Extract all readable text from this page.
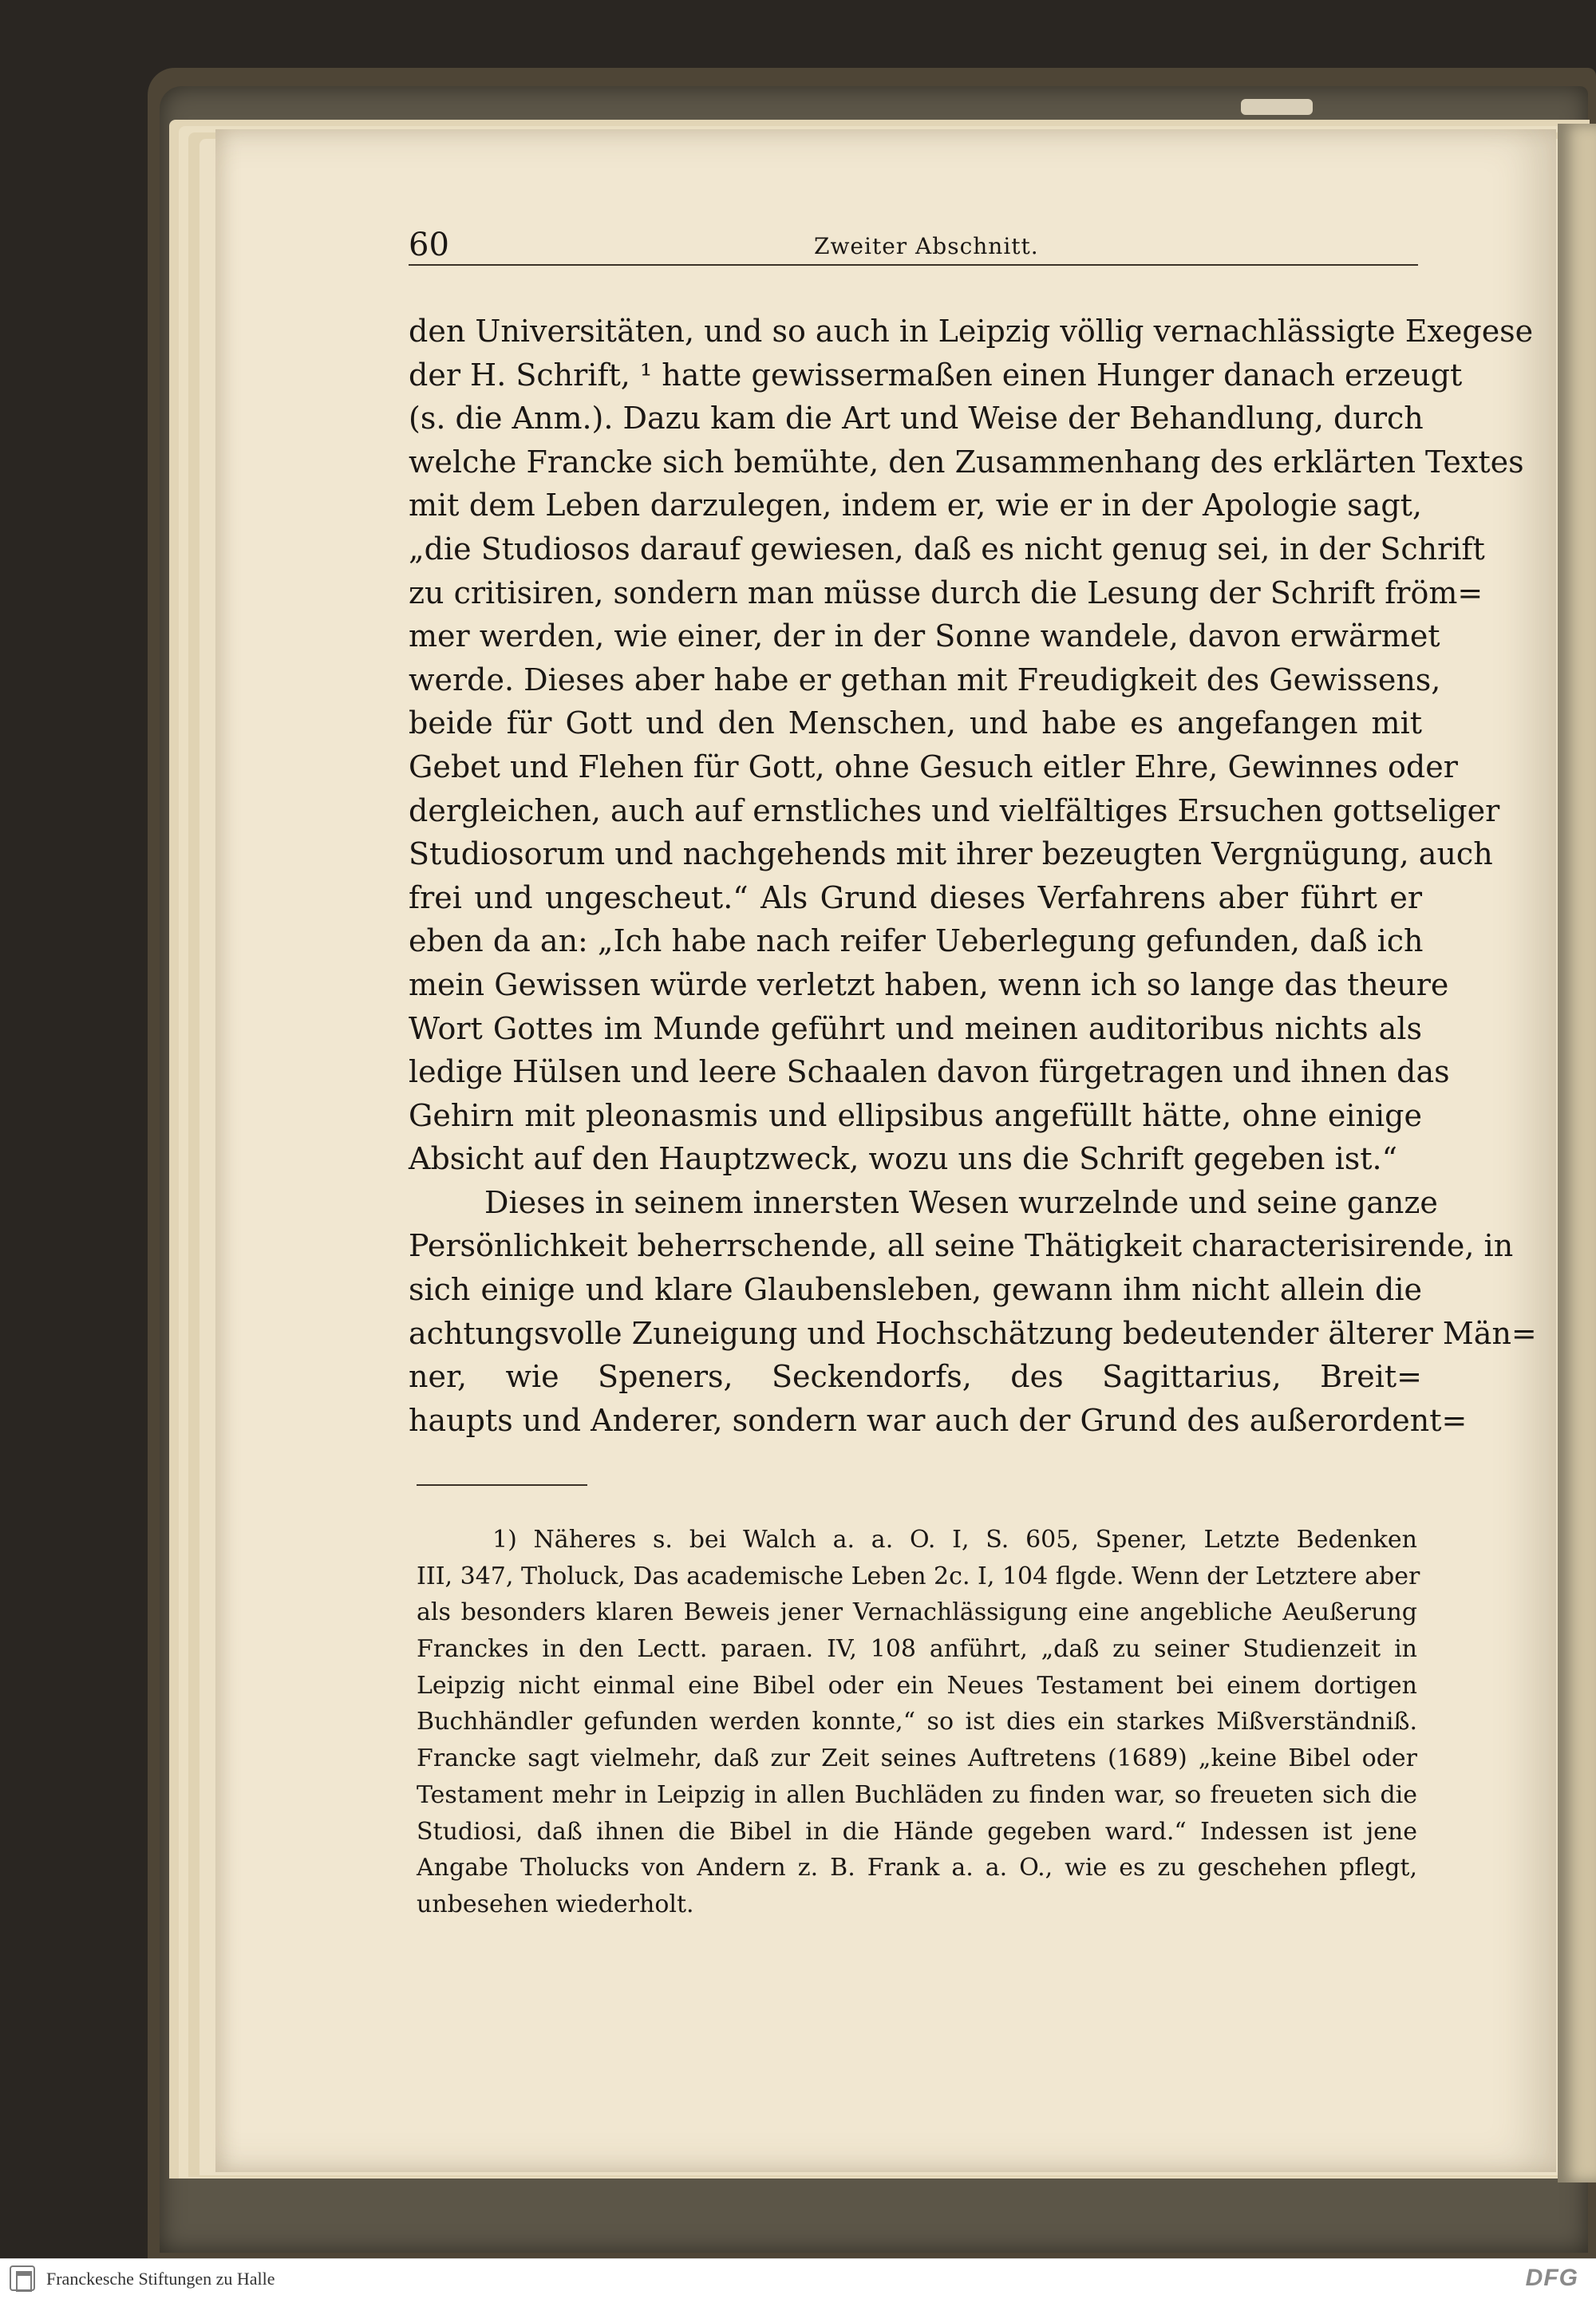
60	Zweiter Abschnitt.

den Universitäten, und so auch in Leipzig völlig vernachlässigte Exegese

der H. Schrift, ¹ hatte gewissermaßen einen Hunger danach erzeugt

(s. die Anm.). Dazu kam die Art und Weise der Behandlung, durch

welche Francke sich bemühte, den Zusammenhang des erklärten Textes

mit dem Leben darzulegen, indem er, wie er in der Apologie sagt,

„die Studiosos darauf gewiesen, daß es nicht genug sei, in der Schrift

zu critisiren, sondern man müsse durch die Lesung der Schrift fröm=

mer werden, wie einer, der in der Sonne wandele, davon erwärmet

werde. Dieses aber habe er gethan mit Freudigkeit des Gewissens,

beide für Gott und den Menschen, und habe es angefangen mit

Gebet und Flehen für Gott, ohne Gesuch eitler Ehre, Gewinnes oder

dergleichen, auch auf ernstliches und vielfältiges Ersuchen gottseliger

Studiosorum und nachgehends mit ihrer bezeugten Vergnügung, auch

frei und ungescheut.“ Als Grund dieses Verfahrens aber führt er

eben da an: „Ich habe nach reifer Ueberlegung gefunden, daß ich

mein Gewissen würde verletzt haben, wenn ich so lange das theure

Wort Gottes im Munde geführt und meinen auditoribus nichts als

ledige Hülsen und leere Schaalen davon fürgetragen und ihnen das

Gehirn mit pleonasmis und ellipsibus angefüllt hätte, ohne einige

Absicht auf den Hauptzweck, wozu uns die Schrift gegeben ist.“

Dieses in seinem innersten Wesen wurzelnde und seine ganze

Persönlichkeit beherrschende, all seine Thätigkeit characterisirende, in

sich einige und klare Glaubensleben, gewann ihm nicht allein die

achtungsvolle Zuneigung und Hochschätzung bedeutender älterer Män=

ner, wie Speners, Seckendorfs, des Sagittarius, Breit=

haupts und Anderer, sondern war auch der Grund des außerordent=

1) Näheres s. bei Walch a. a. O. I, S. 605, Spener, Letzte Bedenken

III, 347, Tholuck, Das academische Leben 2c. I, 104 flgde. Wenn der Letztere aber

als besonders klaren Beweis jener Vernachlässigung eine angebliche Aeußerung

Franckes in den Lectt. paraen. IV, 108 anführt, „daß zu seiner Studienzeit in

Leipzig nicht einmal eine Bibel oder ein Neues Testament bei einem dortigen

Buchhändler gefunden werden konnte,“ so ist dies ein starkes Mißverständniß.

Francke sagt vielmehr, daß zur Zeit seines Auftretens (1689) „keine Bibel oder

Testament mehr in Leipzig in allen Buchläden zu finden war, so freueten sich die

Studiosi, daß ihnen die Bibel in die Hände gegeben ward.“ Indessen ist jene

Angabe Tholucks von Andern z. B. Frank a. a. O., wie es zu geschehen pflegt,

unbesehen wiederholt.

Franckesche Stiftungen zu Halle	DFG
